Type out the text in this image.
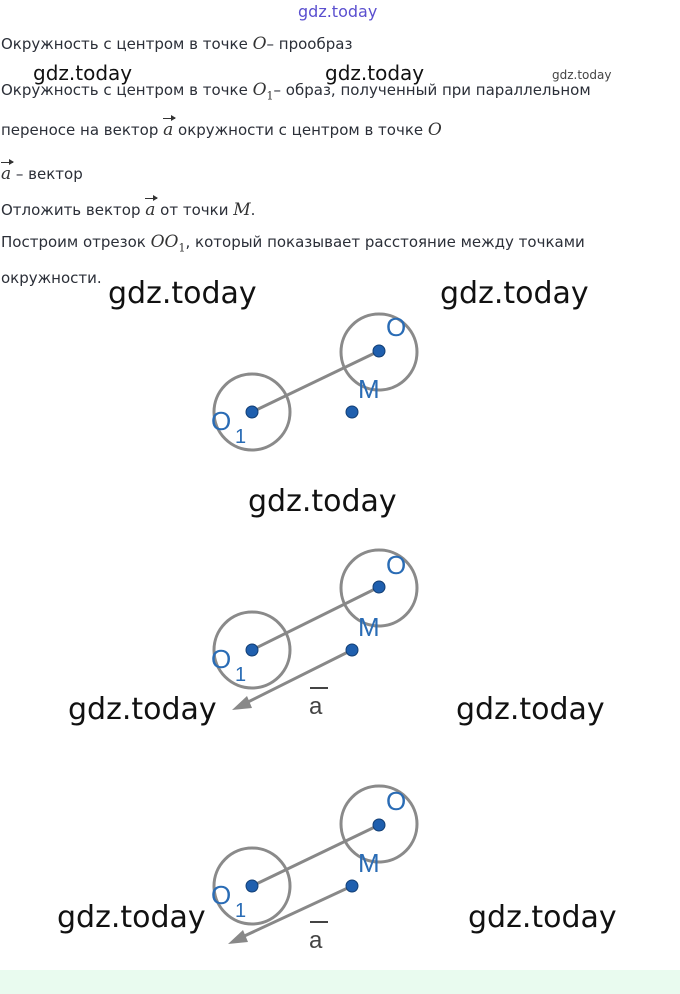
gdz.today
Окружность с центром в точке O– прообраз
gdz.today	gdz.today	gdz.today
Окружность с центром в точке $O_1-$ образ, полученный при параллельном
переносе на вектор a окружности с центром в точке O
a – вектор
Отложить вектор a от точки M.
Построим отрезок $OO_1$, который показывает расстояние между точками
окружности. gdz.today	gdz.today
gdz.today
gdz.today	gdz.today
gdz.today	gdz.today
O
M
O
1
O
M
O
1
a
O
M
O
1
a
